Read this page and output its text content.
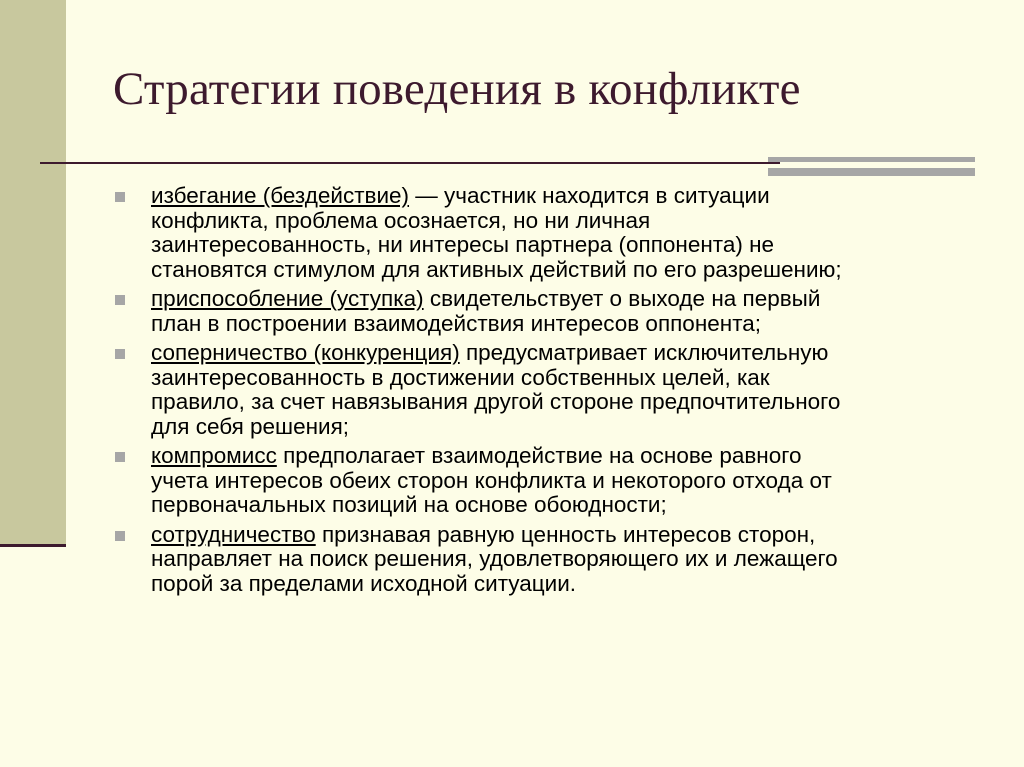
Стратегии поведения в конфликте
избегание (бездействие) — участник находится в ситуации
конфликта, проблема осознается, но ни личная
заинтересованность, ни интересы партнера (оппонента) не
становятся стимулом для активных действий по его разрешению;
приспособление (уступка) свидетельствует о выходе на первый
план в построении взаимодействия интересов оппонента;
соперничество (конкуренция) предусматривает исключительную
заинтересованность в достижении собственных целей, как
правило, за счет навязывания другой стороне предпочтительного
для себя решения;
компромисс предполагает взаимодействие на основе равного
учета интересов обеих сторон конфликта и некоторого отхода от
первоначальных позиций на основе обоюдности;
сотрудничество признавая равную ценность интересов сторон,
направляет на поиск решения, удовлетворяющего их и лежащего
порой за пределами исходной ситуации.
